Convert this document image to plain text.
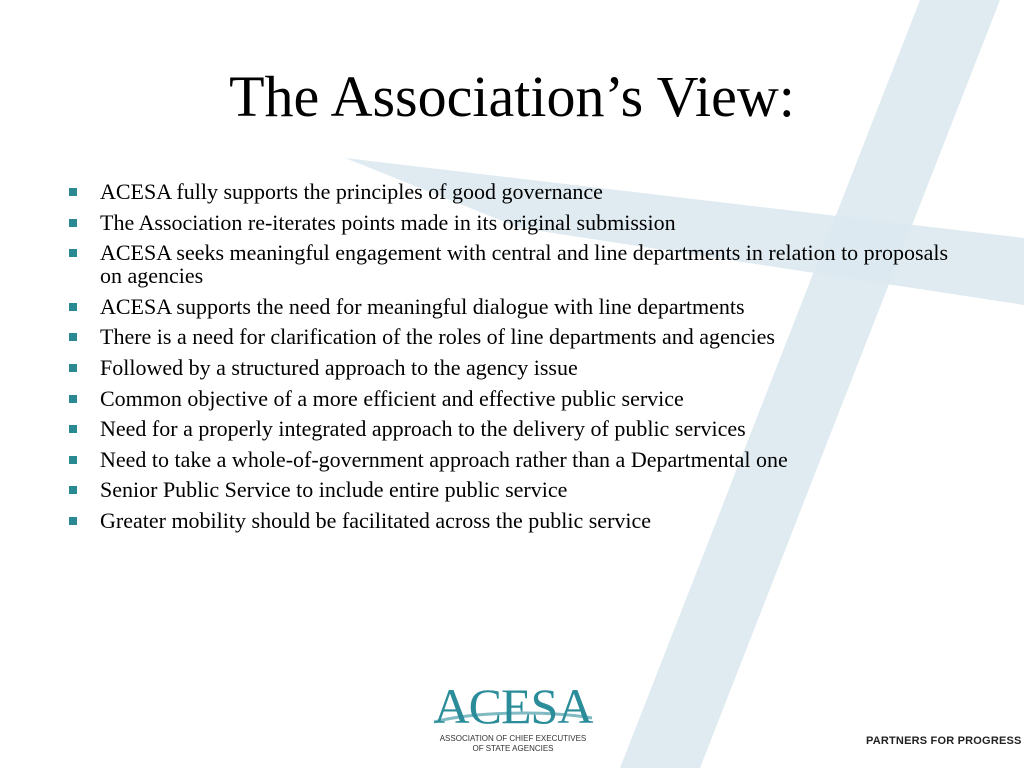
The Association’s View:
ACESA fully supports the principles of good governance
The Association re-iterates points made in its original submission
ACESA seeks meaningful engagement with central and line departments in relation to proposals on agencies
ACESA supports the need for meaningful dialogue with line departments
There is a need for clarification of the roles of line departments and agencies
Followed by a structured approach to the agency issue
Common objective of a more efficient and effective public service
Need for a properly integrated approach to the delivery of public services
Need to take a whole-of-government approach rather than a Departmental one
Senior Public Service to include entire public service
Greater mobility should be facilitated across the public service
ACESA
ASSOCIATION OF CHIEF EXECUTIVES
OF STATE AGENCIES
PARTNERS FOR PROGRESS
